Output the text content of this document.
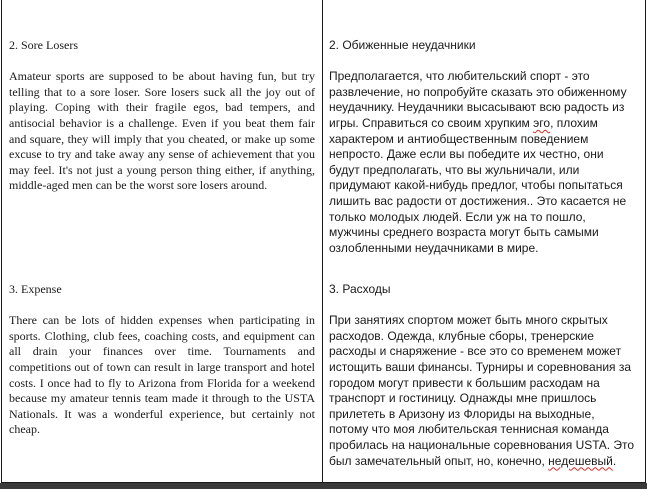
2. Sore Losers

Amateur sports are supposed to be about having fun, but try telling that to a sore loser. Sore losers suck all the joy out of playing. Coping with their fragile egos, bad tempers, and antisocial behavior is a challenge. Even if you beat them fair and square, they will imply that you cheated, or make up some excuse to try and take away any sense of achievement that you may feel. It's not just a young person thing either, if anything, middle-aged men can be the worst sore losers around.

2. Обиженные неудачники

Предполагается, что любительский спорт - это развлечение, но попробуйте сказать это обиженному неудачнику. Неудачники высасывают всю радость из игры. Справиться со своим хрупким эго, плохим характером и антиобщественным поведением непросто. Даже если вы победите их честно, они будут предполагать, что вы жульничали, или придумают какой-нибудь предлог, чтобы попытаться лишить вас радости от достижения.. Это касается не только молодых людей. Если уж на то пошло, мужчины среднего возраста могут быть самыми озлобленными неудачниками в мире.

3. Expense

There can be lots of hidden expenses when participating in sports. Clothing, club fees, coaching costs, and equipment can all drain your finances over time. Tournaments and competitions out of town can result in large transport and hotel costs. I once had to fly to Arizona from Florida for a weekend because my amateur tennis team made it through to the USTA Nationals. It was a wonderful experience, but certainly not cheap.

3. Расходы

При занятиях спортом может быть много скрытых расходов. Одежда, клубные сборы, тренерские расходы и снаряжение - все это со временем может истощить ваши финансы. Турниры и соревнования за городом могут привести к большим расходам на транспорт и гостиницу. Однажды мне пришлось прилететь в Аризону из Флориды на выходные, потому что моя любительская теннисная команда пробилась на национальные соревнования USTA. Это был замечательный опыт, но, конечно, недешевый.
